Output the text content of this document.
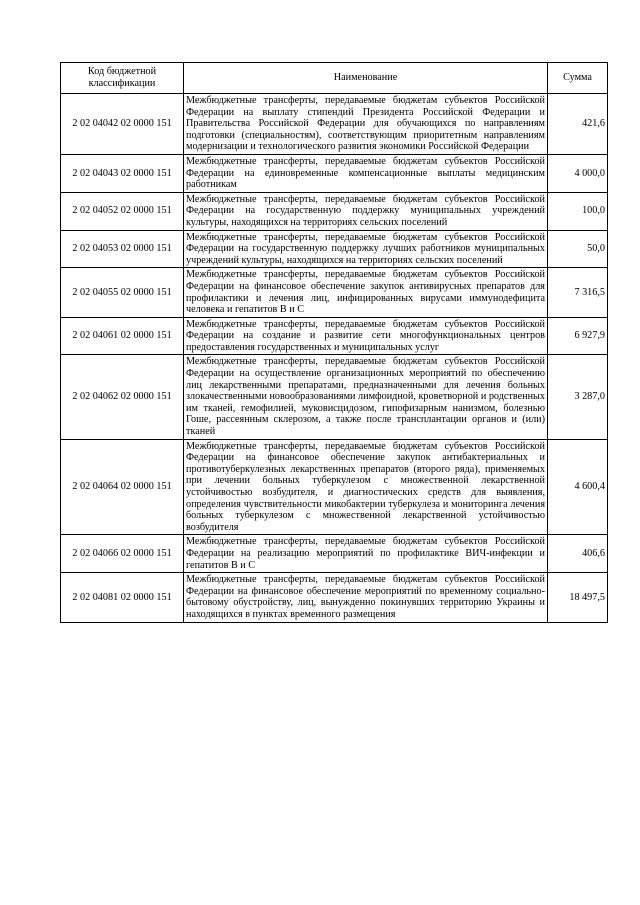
Код бюджетной классификации	Наименование	Сумма
2 02 04042 02 0000 151	Межбюджетные трансферты, передаваемые бюджетам субъектов Российской Федерации на выплату стипендий Президента Российской Федерации и Правительства Российской Федерации для обучающихся по направлениям подготовки (специальностям), соответствующим приоритетным направлениям модернизации и технологического развития экономики Российской Федерации	421,6
2 02 04043 02 0000 151	Межбюджетные трансферты, передаваемые бюджетам субъектов Российской Федерации на единовременные компенсационные выплаты медицинским работникам	4 000,0
2 02 04052 02 0000 151	Межбюджетные трансферты, передаваемые бюджетам субъектов Российской Федерации на государственную поддержку муниципальных учреждений культуры, находящихся на территориях сельских поселений	100,0
2 02 04053 02 0000 151	Межбюджетные трансферты, передаваемые бюджетам субъектов Российской Федерации на государственную поддержку лучших работников муниципальных учреждений культуры, находящихся на территориях сельских поселений	50,0
2 02 04055 02 0000 151	Межбюджетные трансферты, передаваемые бюджетам субъектов Российской Федерации на финансовое обеспечение закупок антивирусных препаратов для профилактики и лечения лиц, инфицированных вирусами иммунодефицита человека и гепатитов B и C	7 316,5
2 02 04061 02 0000 151	Межбюджетные трансферты, передаваемые бюджетам субъектов Российской Федерации на создание и развитие сети многофункциональных центров предоставления государственных и муниципальных услуг	6 927,9
2 02 04062 02 0000 151	Межбюджетные трансферты, передаваемые бюджетам субъектов Российской Федерации на осуществление организационных мероприятий по обеспечению лиц лекарственными препаратами, предназначенными для лечения больных злокачественными новообразованиями лимфоидной, кроветворной и родственных им тканей, гемофилией, муковисцидозом, гипофизарным нанизмом, болезнью Гоше, рассеянным склерозом, а также после трансплантации органов и (или) тканей	3 287,0
2 02 04064 02 0000 151	Межбюджетные трансферты, передаваемые бюджетам субъектов Российской Федерации на финансовое обеспечение закупок антибактериальных и противотуберкулезных лекарственных препаратов (второго ряда), применяемых при лечении больных туберкулезом с множественной лекарственной устойчивостью возбудителя, и диагностических средств для выявления, определения чувствительности микобактерии туберкулеза и мониторинга лечения больных туберкулезом с множественной лекарственной устойчивостью возбудителя	4 600,4
2 02 04066 02 0000 151	Межбюджетные трансферты, передаваемые бюджетам субъектов Российской Федерации на реализацию мероприятий по профилактике ВИЧ-инфекции и гепатитов B и C	406,6
2 02 04081 02 0000 151	Межбюджетные трансферты, передаваемые бюджетам субъектов Российской Федерации на финансовое обеспечение мероприятий по временному социально-бытовому обустройству, лиц, вынужденно покинувших территорию Украины и находящихся в пунктах временного размещения	18 497,5
